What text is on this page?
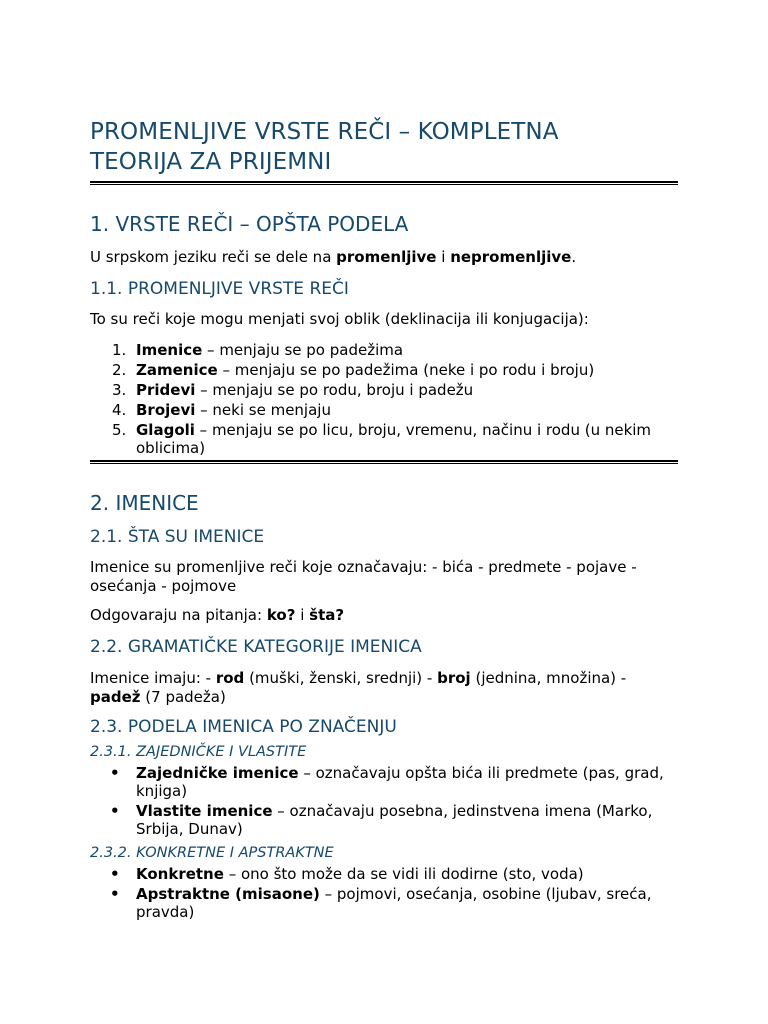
PROMENLJIVE VRSTE REČI – KOMPLETNA
TEORIJA ZA PRIJEMNI
1. VRSTE REČI – OPŠTA PODELA

U srpskom jeziku reči se dele na promenljive i nepromenljive.

1.1. PROMENLJIVE VRSTE REČI

To su reči koje mogu menjati svoj oblik (deklinacija ili konjugacija):

1. Imenice – menjaju se po padežima
2. Zamenice – menjaju se po padežima (neke i po rodu i broju)
3. Pridevi – menjaju se po rodu, broju i padežu
4. Brojevi – neki se menjaju
5. Glagoli – menjaju se po licu, broju, vremenu, načinu i rodu (u nekim oblicima)
2. IMENICE
2.1. ŠTA SU IMENICE

Imenice su promenljive reči koje označavaju: - bića - predmete - pojave - osećanja - pojmove

Odgovaraju na pitanja: ko? i šta?

2.2. GRAMATIČKE KATEGORIJE IMENICA

Imenice imaju: - rod (muški, ženski, srednji) - broj (jednina, množina) -
padež (7 padeža)

2.3. PODELA IMENICA PO ZNAČENJU
2.3.1. ZAJEDNIČKE I VLASTITE
• Zajedničke imenice – označavaju opšta bića ili predmete (pas, grad, knjiga)
• Vlastite imenice – označavaju posebna, jedinstvena imena (Marko, Srbija, Dunav)
2.3.2. KONKRETNE I APSTRAKTNE
• Konkretne – ono što može da se vidi ili dodirne (sto, voda)
• Apstraktne (misaone) – pojmovi, osećanja, osobine (ljubav, sreća, pravda)
